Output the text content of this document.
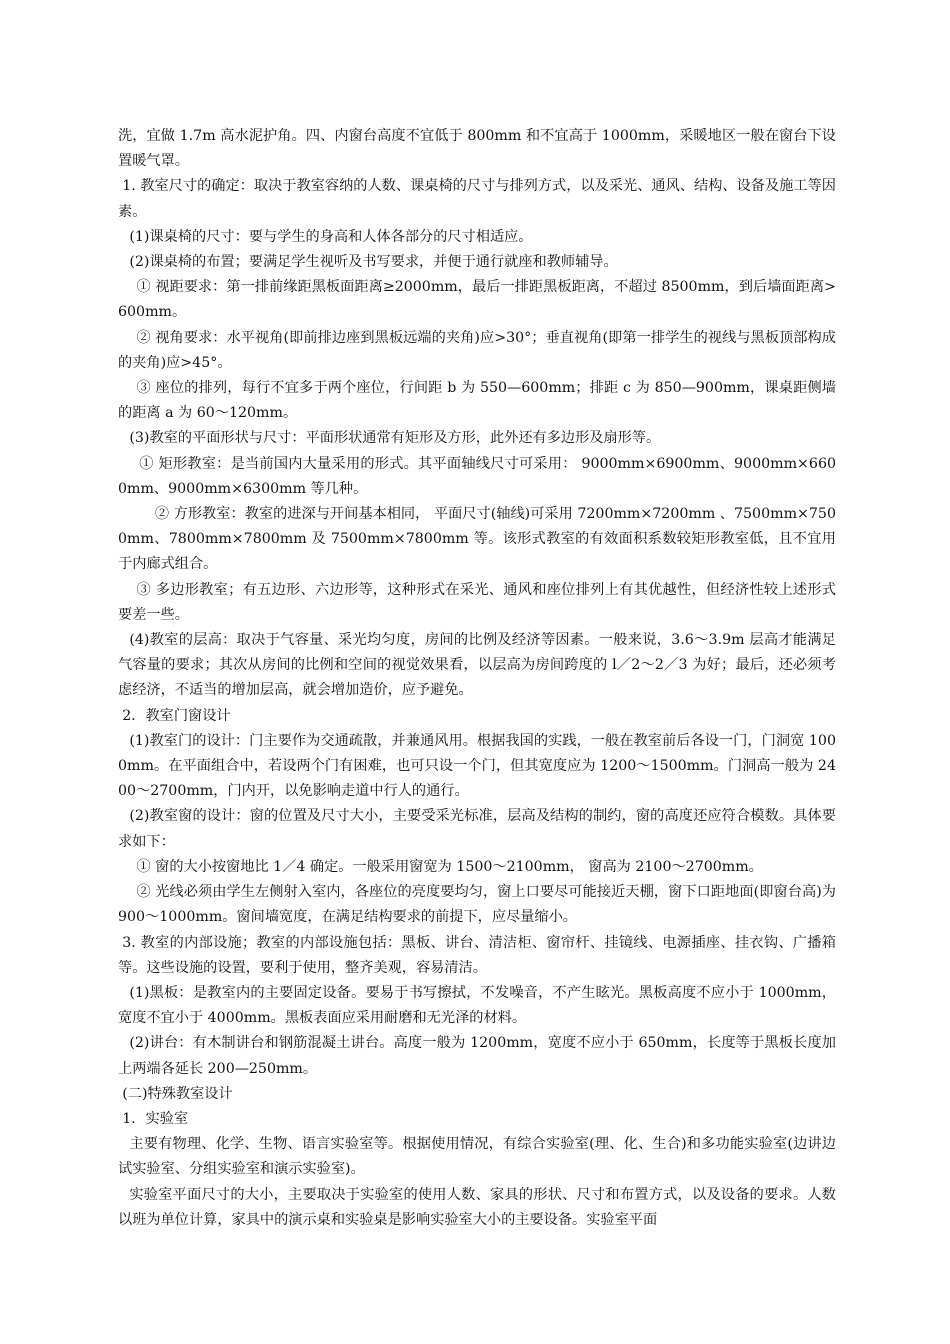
洗，宜做 1.7m 高水泥护角。四、内窗台高度不宜低于 800mm 和不宜高于 1000mm，采暖地区一般在窗台下设置暖气罩。

1. 教室尺寸的确定：取决于教室容纳的人数、课桌椅的尺寸与排列方式，以及采光、通风、结构、设备及施工等因素。

(1)课桌椅的尺寸：要与学生的身高和人体各部分的尺寸相适应。

(2)课桌椅的布置；要满足学生视听及书写要求，并便于通行就座和教师辅导。

① 视距要求：第一排前缘距黑板面距离≥2000mm，最后一排距黑板距离，不超过 8500mm，到后墙面距离>600mm。

② 视角要求：水平视角(即前排边座到黑板远端的夹角)应>30°；垂直视角(即第一排学生的视线与黑板顶部构成的夹角)应>45°。

③ 座位的排列，每行不宜多于两个座位，行间距 b 为 550—600mm；排距 c 为 850—900mm，课桌距侧墙的距离 a 为 60～120mm。

(3)教室的平面形状与尺寸：平面形状通常有矩形及方形，此外还有多边形及扇形等。

① 矩形教室：是当前国内大量采用的形式。其平面轴线尺寸可采用： 9000mm×6900mm、9000mm×6600mm、9000mm×6300mm 等几种。

② 方形教室：教室的进深与开间基本相同， 平面尺寸(轴线)可采用 7200mm×7200mm 、7500mm×7500mm、7800mm×7800mm 及 7500mm×7800mm 等。该形式教室的有效面积系数较矩形教室低，且不宜用于内廊式组合。

③ 多边形教室；有五边形、六边形等，这种形式在采光、通风和座位排列上有其优越性，但经济性较上述形式要差一些。

(4)教室的层高：取决于气容量、采光均匀度，房间的比例及经济等因素。一般来说，3.6～3.9m 层高才能满足气容量的要求；其次从房间的比例和空间的视觉效果看，以层高为房间跨度的 l／2～2／3 为好；最后，还必须考虑经济，不适当的增加层高，就会增加造价，应予避免。

2．教室门窗设计

(1)教室门的设计：门主要作为交通疏散，并兼通风用。根据我国的实践，一般在教室前后各设一门，门洞宽 1000mm。在平面组合中，若设两个门有困难，也可只设一个门，但其宽度应为 1200～1500mm。门洞高一般为 2400～2700mm，门内开，以免影响走道中行人的通行。

(2)教室窗的设计：窗的位置及尺寸大小，主要受采光标准，层高及结构的制约，窗的高度还应符合模数。具体要求如下：

① 窗的大小按窗地比 1／4 确定。一般采用窗宽为 1500～2100mm， 窗高为 2100～2700mm。

② 光线必须由学生左侧射入室内，各座位的亮度要均匀，窗上口要尽可能接近天棚，窗下口距地面(即窗台高)为 900～1000mm。窗间墙宽度，在满足结构要求的前提下，应尽量缩小。

3. 教室的内部设施；教室的内部设施包括：黑板、讲台、清洁柜、窗帘杆、挂镜线、电源插座、挂衣钩、广播箱等。这些设施的设置，要利于使用，整齐美观，容易清洁。

(1)黑板：是教室内的主要固定设备。要易于书写擦拭，不发噪音，不产生眩光。黑板高度不应小于 1000mm，宽度不宜小于 4000mm。黑板表面应采用耐磨和无光泽的材料。

(2)讲台：有木制讲台和钢筋混凝土讲台。高度一般为 1200mm，宽度不应小于 650mm，长度等于黑板长度加上两端各延长 200—250mm。

(二)特殊教室设计

1．实验室

主要有物理、化学、生物、语言实验室等。根据使用情况，有综合实验室(理、化、生合)和多功能实验室(边讲边试实验室、分组实验室和演示实验室)。

实验室平面尺寸的大小，主要取决于实验室的使用人数、家具的形状、尺寸和布置方式，以及设备的要求。人数以班为单位计算，家具中的演示桌和实验桌是影响实验室大小的主要设备。实验室平面
